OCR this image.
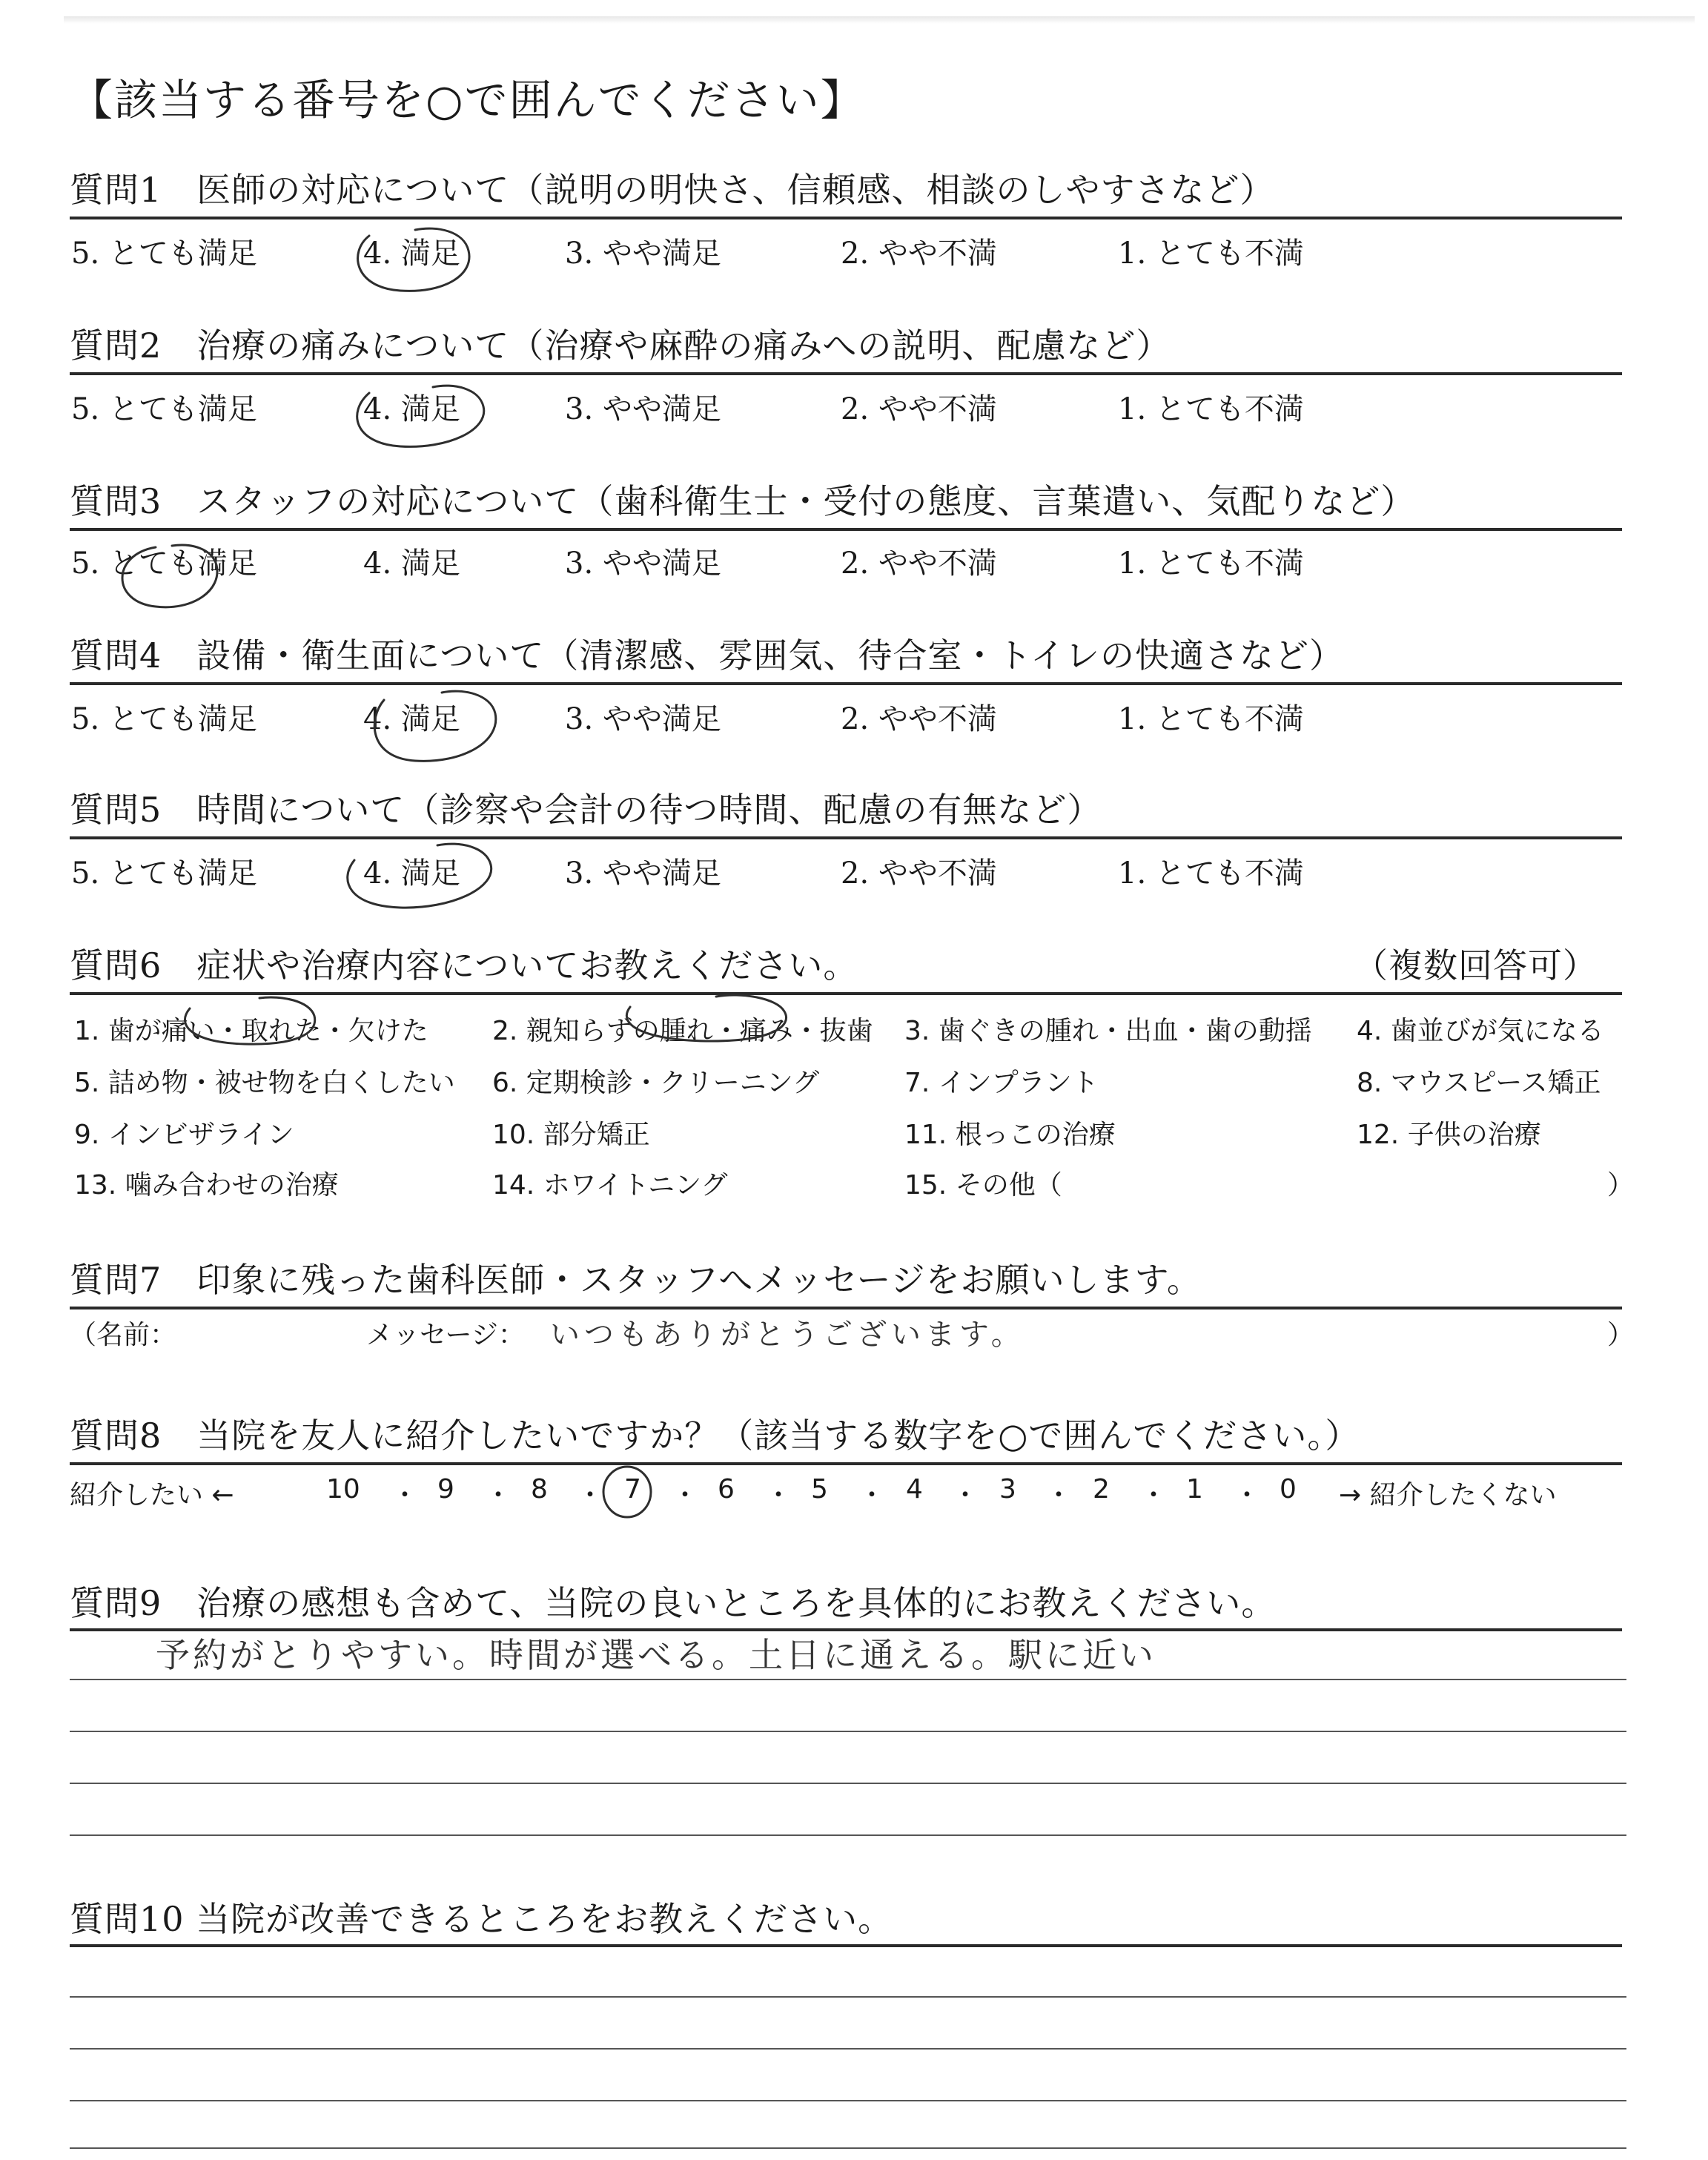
【該当する番号を○で囲んでください】
質問1　医師の対応について（説明の明快さ、信頼感、相談のしやすさなど）
5. とても満足	4. 満足	3. やや満足	2. やや不満	1. とても不満
質問2　治療の痛みについて（治療や麻酔の痛みへの説明、配慮など）
5. とても満足	4. 満足	3. やや満足	2. やや不満	1. とても不満
質問3　スタッフの対応について（歯科衛生士・受付の態度、言葉遣い、気配りなど）
5. とても満足	4. 満足	3. やや満足	2. やや不満	1. とても不満
質問4　設備・衛生面について（清潔感、雰囲気、待合室・トイレの快適さなど）
5. とても満足	4. 満足	3. やや満足	2. やや不満	1. とても不満
質問5　時間について（診察や会計の待つ時間、配慮の有無など）
5. とても満足	4. 満足	3. やや満足	2. やや不満	1. とても不満
質問6　症状や治療内容についてお教えください。	（複数回答可）
1. 歯が痛い・取れた・欠けた 2. 親知らずの腫れ・痛み・抜歯 3. 歯ぐきの腫れ・出血・歯の動揺 4. 歯並びが気になる
5. 詰め物・被せ物を白くしたい 6. 定期検診・クリーニング	7. インプラント	8. マウスピース矯正
9. インビザライン	10. 部分矯正	11. 根っこの治療	12. 子供の治療
13. 噛み合わせの治療	14. ホワイトニング	15. その他（	）
質問7　印象に残った歯科医師・スタッフへメッセージをお願いします。
（名前：	メッセージ： いつもありがとうございます。	）
質問8　当院を友人に紹介したいですか？（該当する数字を○で囲んでください。）
紹介したい ←	10 ・ 9 ・ 8 ・ 7 ・ 6 ・ 5 ・ 4 ・ 3 ・ 2 ・ 1 ・ 0 → 紹介したくない
質問9　治療の感想も含めて、当院の良いところを具体的にお教えください。
予約がとりやすい。時間が選べる。土日に通える。駅に近い
質問10 当院が改善できるところをお教えください。
